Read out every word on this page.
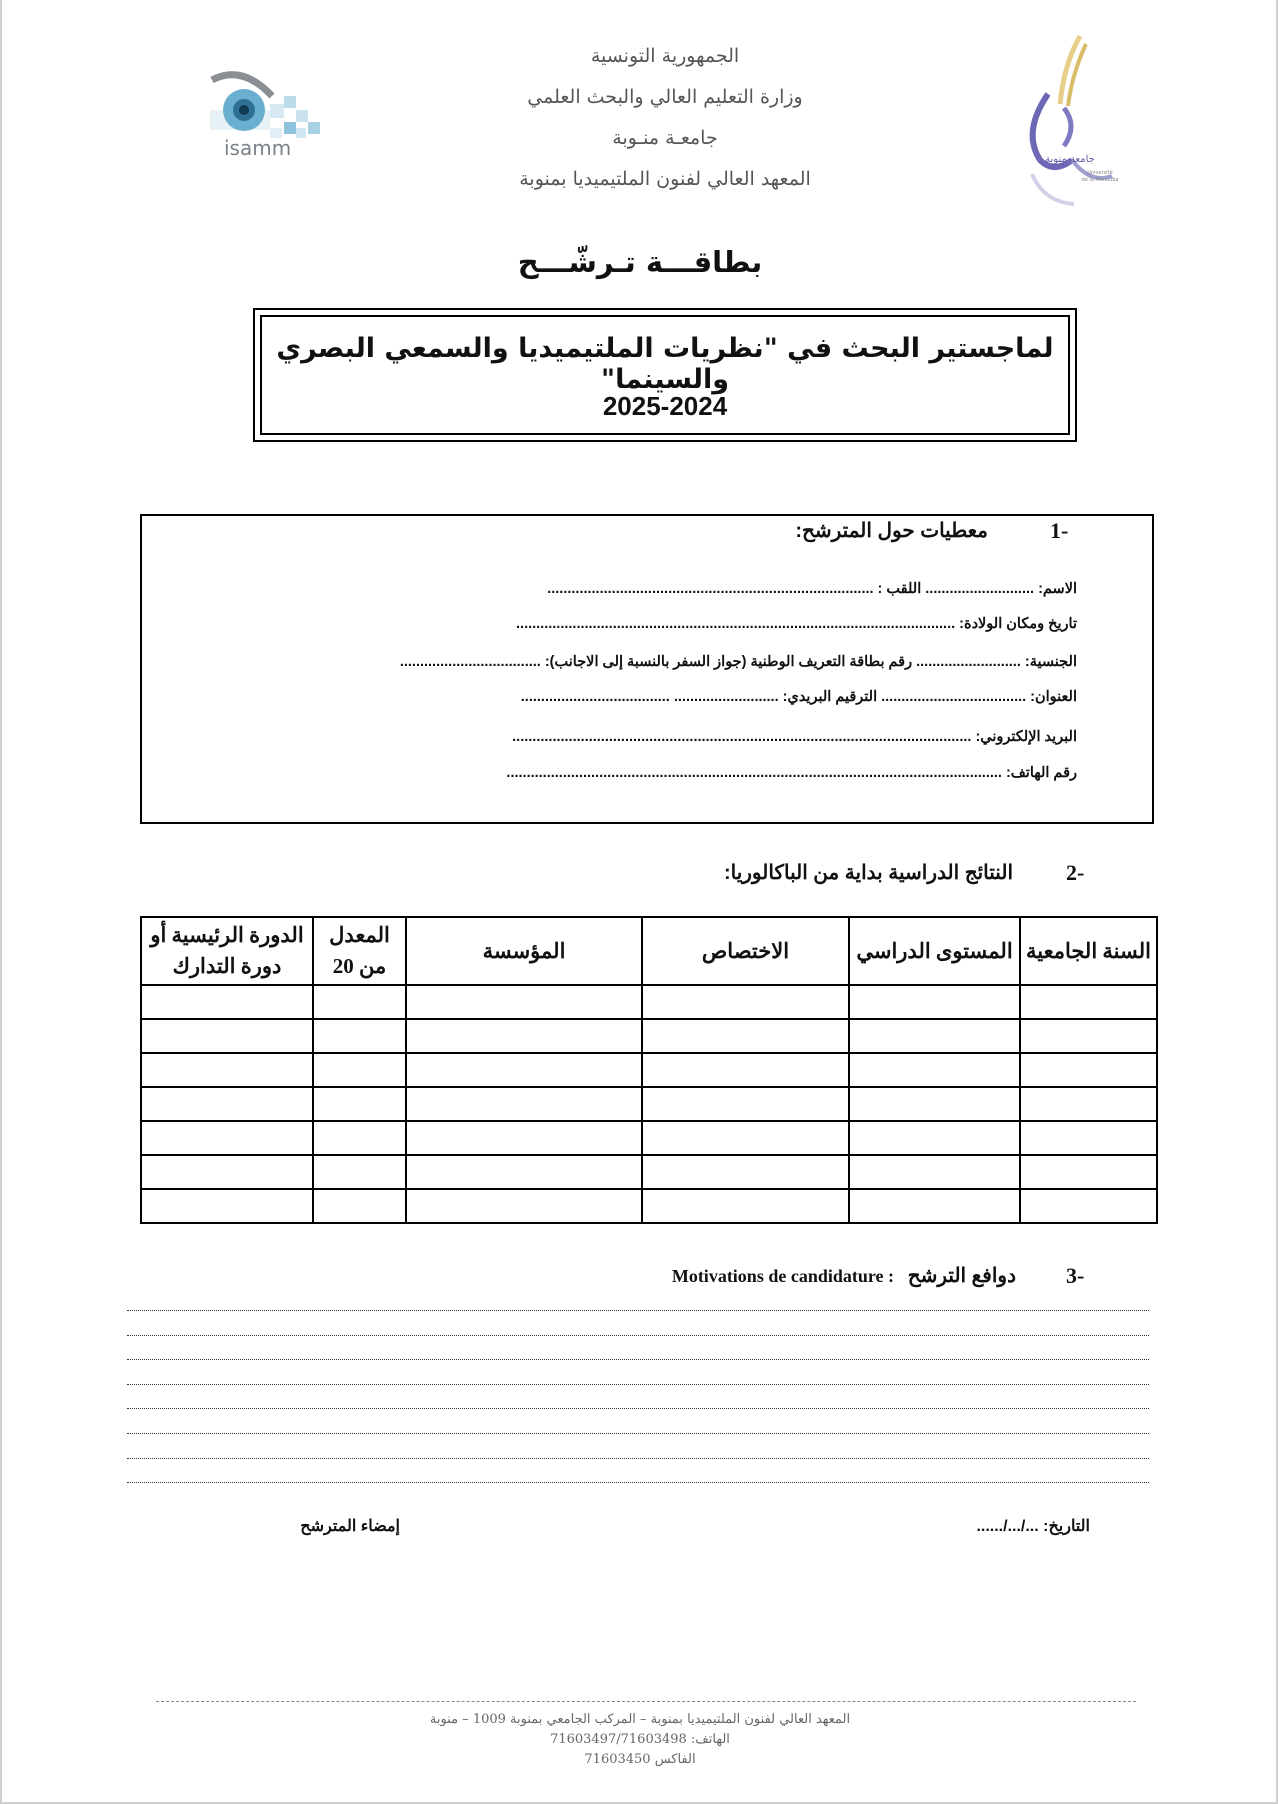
الجمهورية التونسية
وزارة التعليم العالي والبحث العلمي
جامعـة منـوبة
المعهد العالي لفنون الملتيميديا بمنوبة
isamm	جامعة منوبة
Université
de la Manouba
بطاقـــة تـرشّـــح
لماجستير البحث في "نظريات الملتيميديا والسمعي البصري والسينما"
2025-2024
1-
معطيات حول المترشح:
الاسم: ........................... اللقب : .................................................................................
تاريخ ومكان الولادة: .............................................................................................................
الجنسية: .......................... رقم بطاقة التعريف الوطنية (جواز السفر بالنسبة إلى الاجانب): ...................................
العنوان: .................................... الترقيم البريدي: .......................... .....................................
البريد الإلكتروني: ..................................................................................................................
رقم الهاتف: ...........................................................................................................................
2-
النتائج الدراسية بداية من الباكالوريا:
السنة الجامعية	المستوى الدراسي	الاختصاص	المؤسسة	المعدل من 20	الدورة الرئيسية أو دورة التدارك

3-
دوافع الترشح
Motivations de candidature :
التاريخ: .../.../......
إمضاء المترشح
المعهد العالي لفنون الملتيميديا بمنوبة – المركب الجامعي بمنوبة 1009 – منوبة
الهاتف: 71603497/71603498
الفاكس 71603450
